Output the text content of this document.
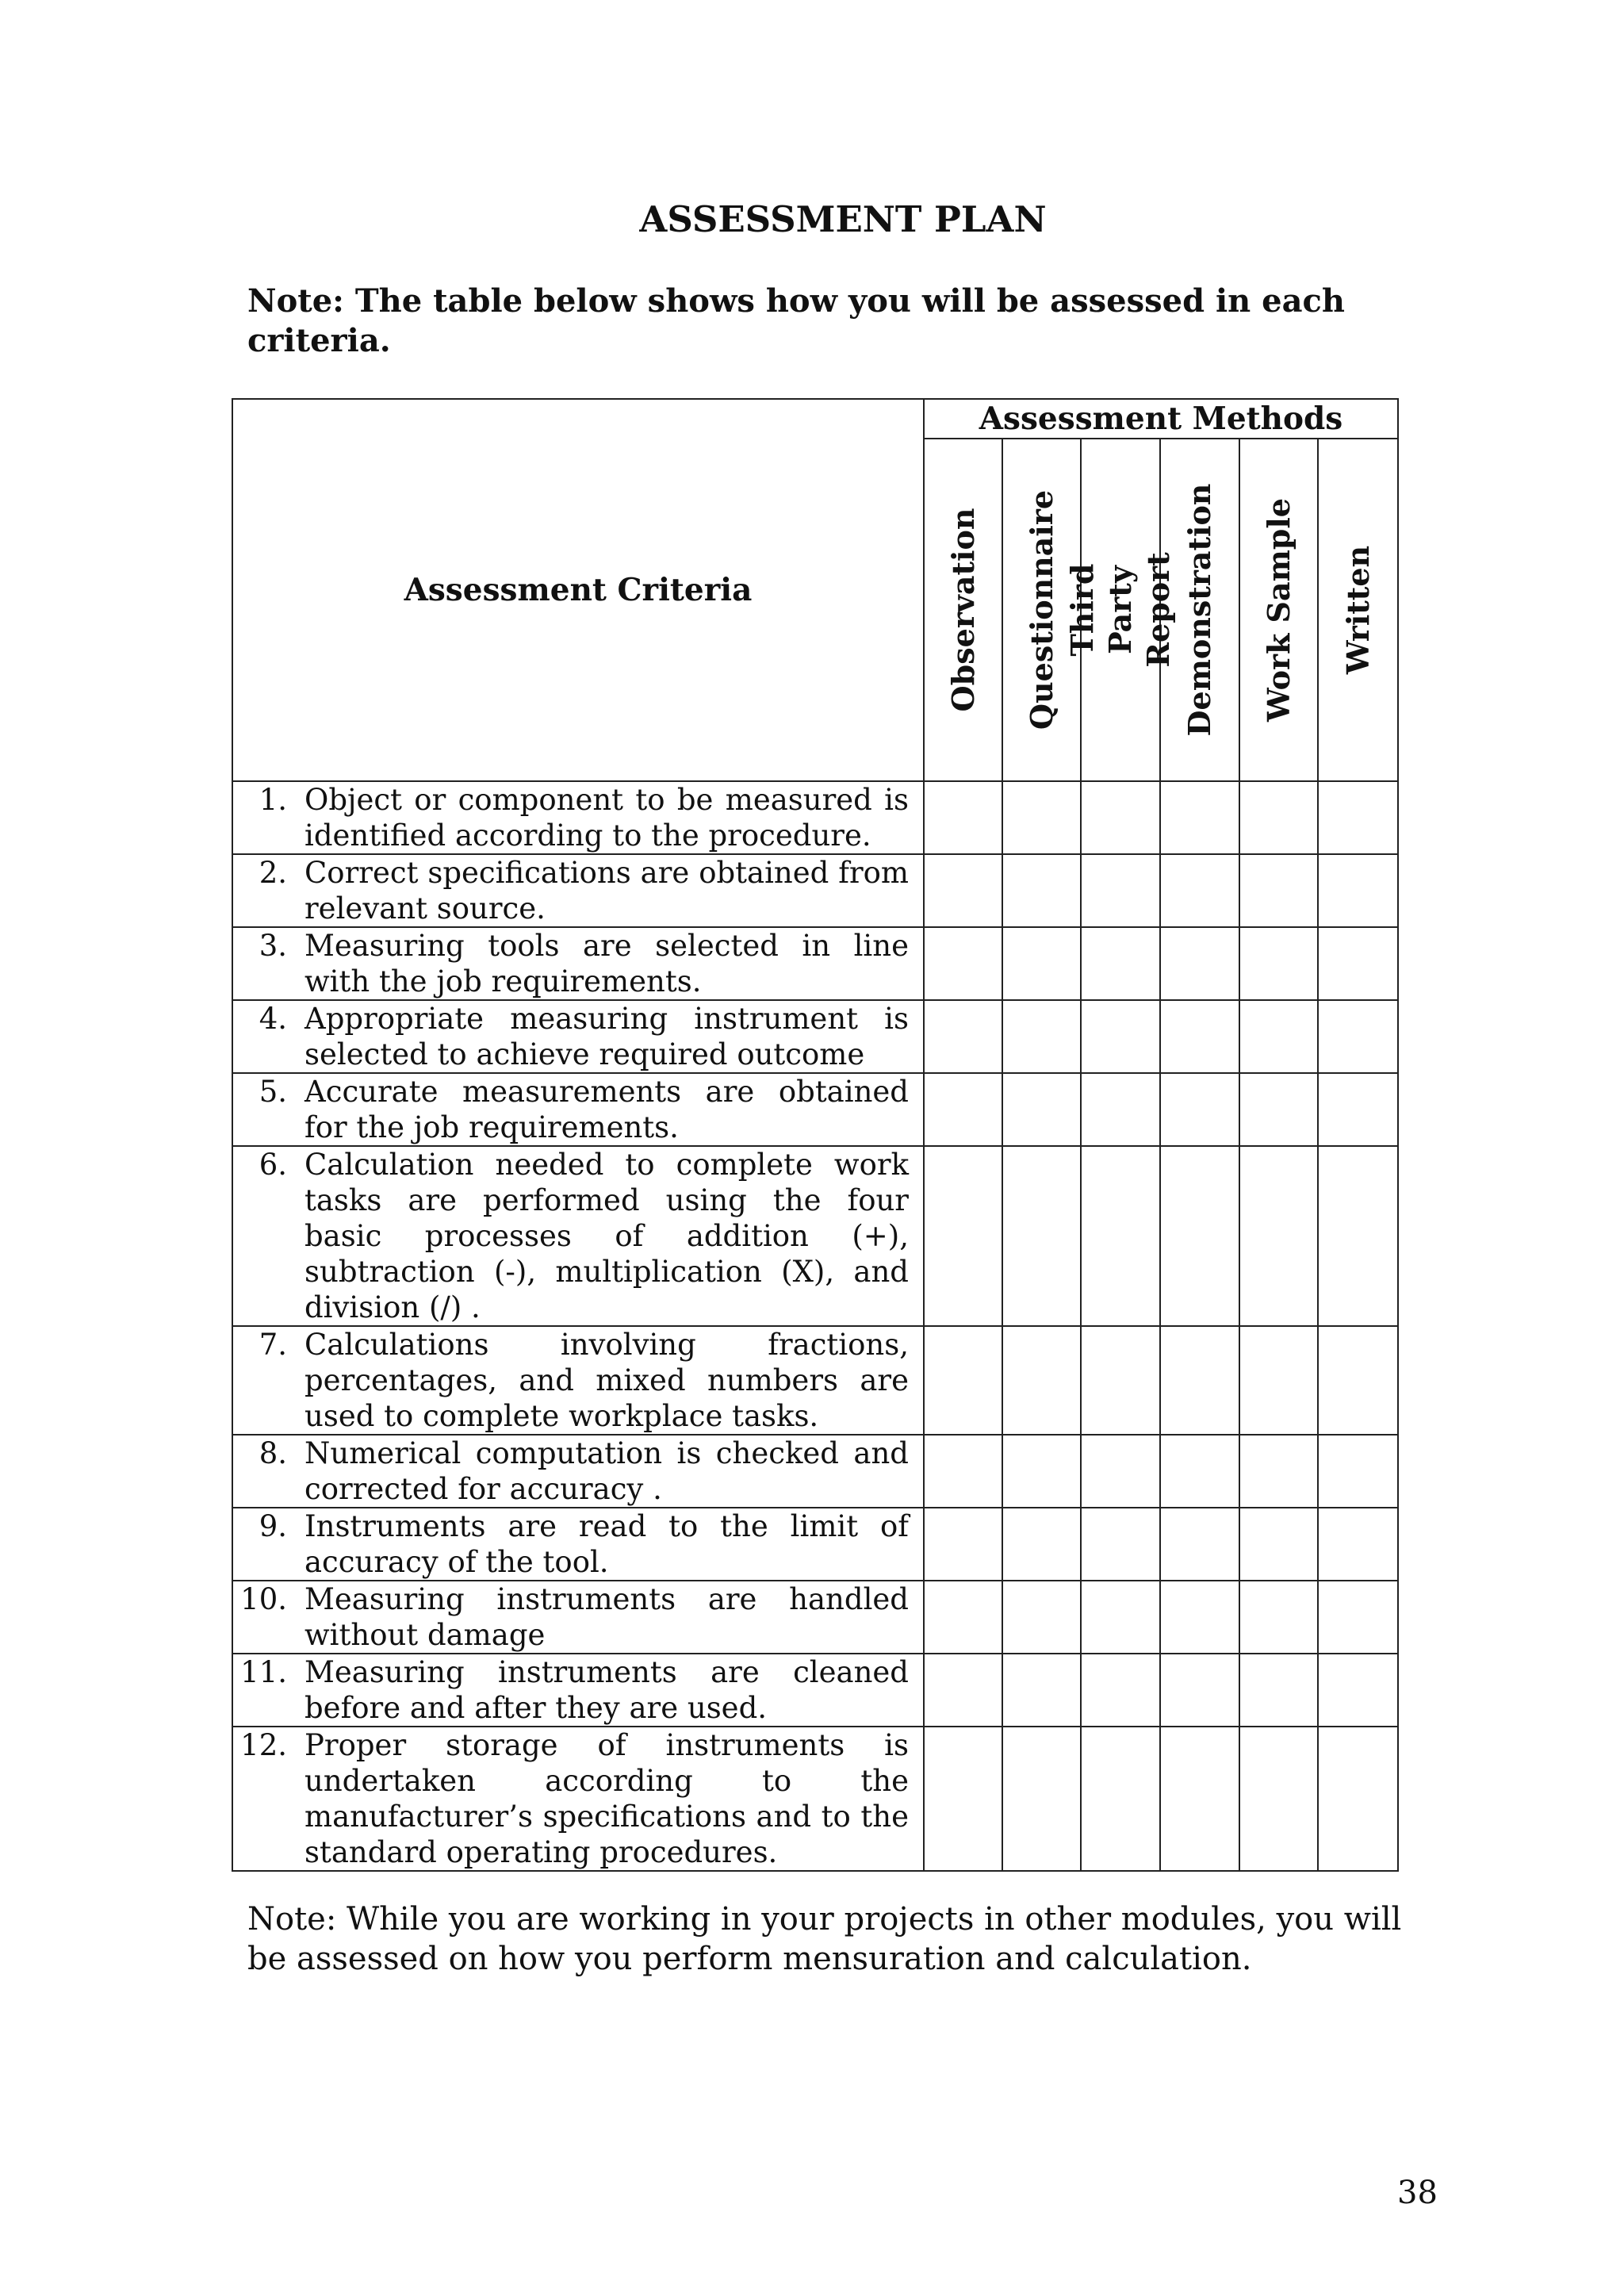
ASSESSMENT PLAN

Note: The table below shows how you will be assessed in each criteria.

Assessment Criteria	Assessment Methods					

	Observation	Questionnaire	Third Party Report	Demonstration	Work Sample	Written

1. Object or component to be measured is identified according to the procedure.						

2. Correct specifications are obtained from relevant source.						

3. Measuring tools are selected in line with the job requirements.						

4. Appropriate measuring instrument is selected to achieve required outcome						

5. Accurate measurements are obtained for the job requirements.						

6. Calculation needed to complete work tasks are performed using the four basic processes of addition (+), subtraction (-), multiplication (X), and division (/) .						

7. Calculations involving fractions, percentages, and mixed numbers are used to complete workplace tasks.						

8. Numerical computation is checked and corrected for accuracy .						

9. Instruments are read to the limit of accuracy of the tool.						

10. Measuring instruments are handled without damage						

11. Measuring instruments are cleaned before and after they are used.						

12. Proper storage of instruments is undertaken according to the manufacturer’s specifications and to the standard operating procedures.						

Note: While you are working in your projects in other modules, you will be assessed on how you perform mensuration and calculation.

38
